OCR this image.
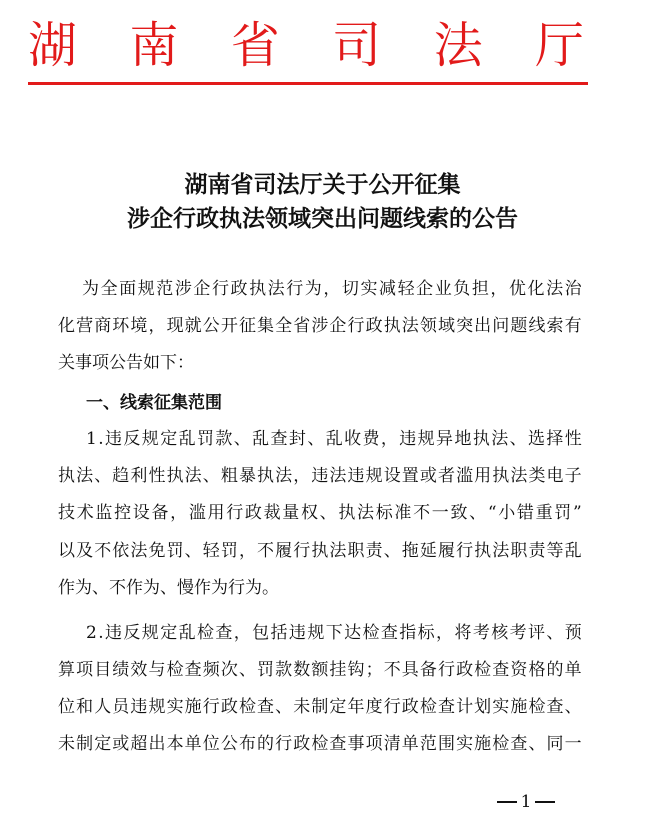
湖 南 省 司 法 厅
湖南省司法厅关于公开征集
涉企行政执法领域突出问题线索的公告
为 全 面 规 范 涉 企 行 政 执 法 行 为 ， 切 实 减 轻 企 业 负 担 ， 优 化 法 治
化 营 商 环 境 ， 现 就 公 开 征 集 全 省 涉 企 行 政 执 法 领 域 突 出 问 题 线 索 有
关事项公告如下：
一、线索征集范围
1 . 违 反 规 定 乱 罚 款 、 乱 查 封 、 乱 收 费 ， 违 规 异 地 执 法 、 选 择 性
执 法 、 趋 利 性 执 法 、 粗 暴 执 法 ， 违 法 违 规 设 置 或 者 滥 用 执 法 类 电 子
技 术 监 控 设 备 ， 滥 用 行 政 裁 量 权 、 执 法 标 准 不 一 致 、 “ 小 错 重 罚 ”
以 及 不 依 法 免 罚 、 轻 罚 ， 不 履 行 执 法 职 责 、 拖 延 履 行 执 法 职 责 等 乱
作为、不作为、慢作为行为。
2 . 违 反 规 定 乱 检 查 ， 包 括 违 规 下 达 检 查 指 标 ， 将 考 核 考 评 、 预
算 项 目 绩 效 与 检 查 频 次 、 罚 款 数 额 挂 钩 ； 不 具 备 行 政 检 查 资 格 的 单
位 和 人 员 违 规 实 施 行 政 检 查 、 未 制 定 年 度 行 政 检 查 计 划 实 施 检 查 、
未 制 定 或 超 出 本 单 位 公 布 的 行 政 检 查 事 项 清 单 范 围 实 施 检 查 、 同 一
1
